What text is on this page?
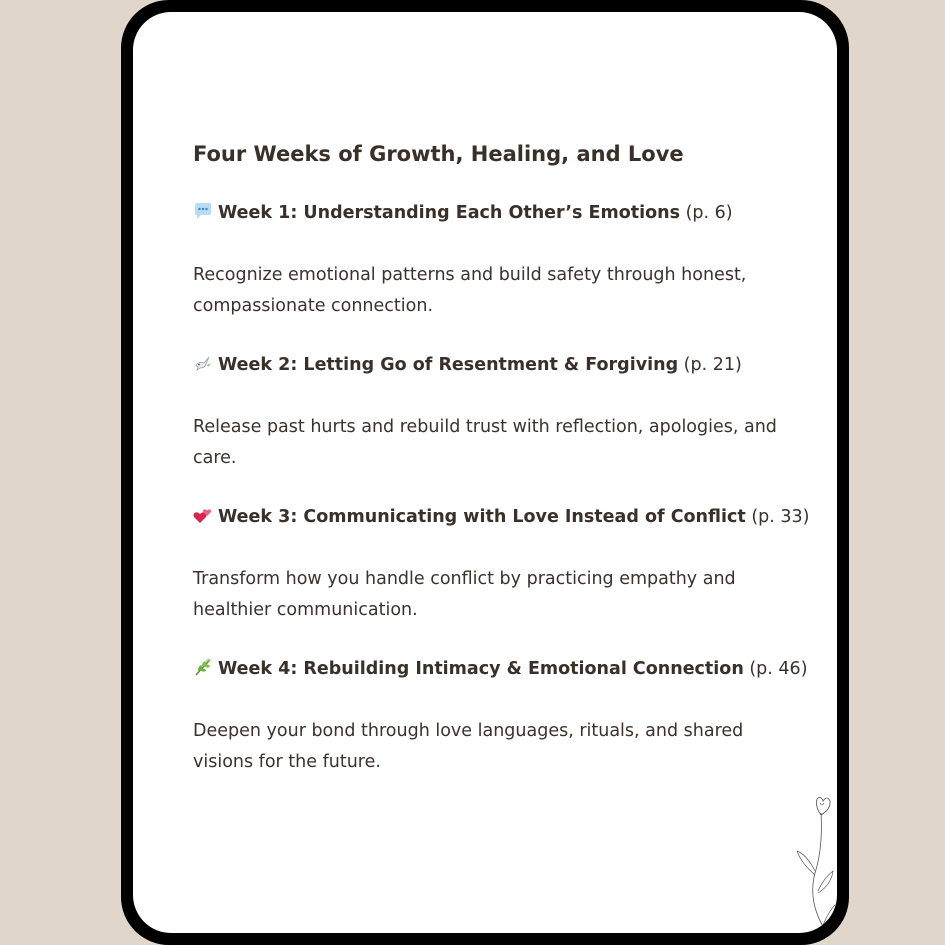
Four Weeks of Growth, Healing, and Love
Week 1: Understanding Each Other’s Emotions (p. 6)

Recognize emotional patterns and build safety through honest, compassionate connection.

Week 2: Letting Go of Resentment & Forgiving (p. 21)

Release past hurts and rebuild trust with reflection, apologies, and care.

Week 3: Communicating with Love Instead of Conflict (p. 33)

Transform how you handle conflict by practicing empathy and healthier communication.

Week 4: Rebuilding Intimacy & Emotional Connection (p. 46)

Deepen your bond through love languages, rituals, and shared visions for the future.
